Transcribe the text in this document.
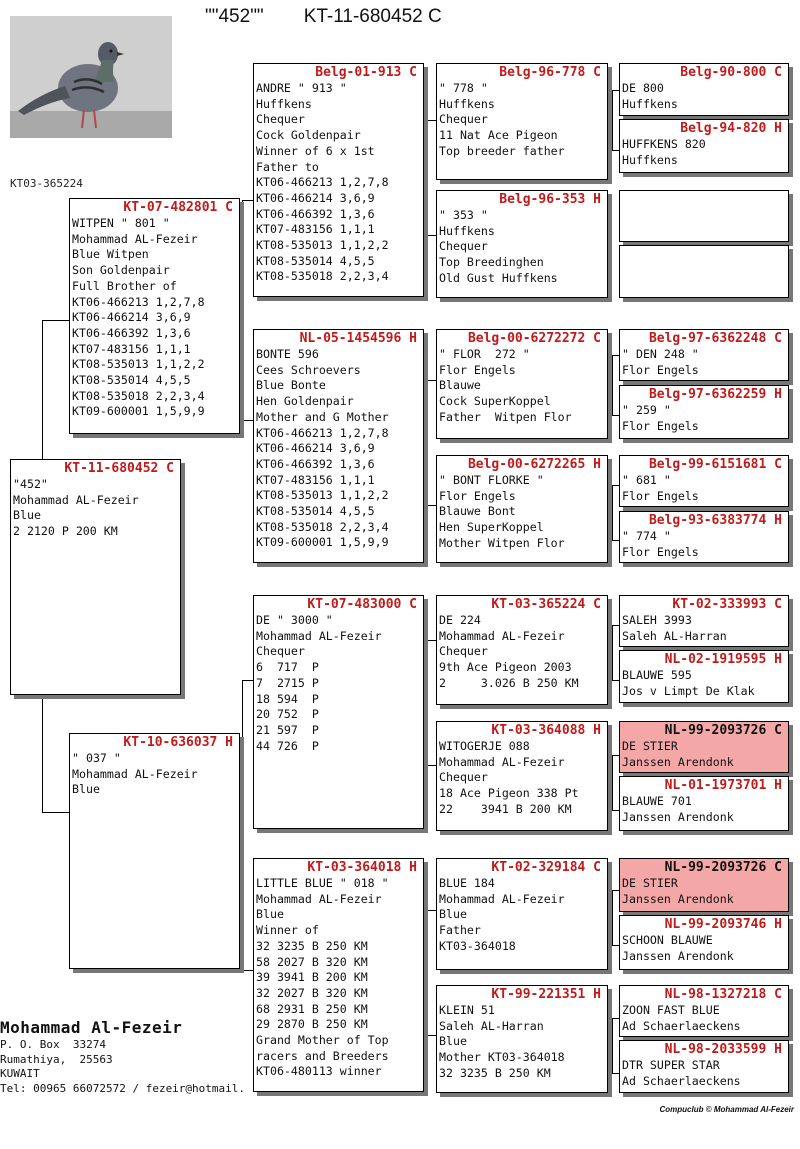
""452"" KT-11-680452 C
KT03-365224
KT-11-680452 C
"452"
Mohammad AL-Fezeir
Blue
2 2120 P 200 KM
KT-07-482801 C
WITPEN " 801 "
Mohammad AL-Fezeir
Blue Witpen
Son Goldenpair
Full Brother of
KT06-466213 1,2,7,8
KT06-466214 3,6,9
KT06-466392 1,3,6
KT07-483156 1,1,1
KT08-535013 1,1,2,2
KT08-535014 4,5,5
KT08-535018 2,2,3,4
KT09-600001 1,5,9,9
KT-10-636037 H
" 037 "
Mohammad AL-Fezeir
Blue
Belg-01-913 C
ANDRE " 913 "
Huffkens
Chequer
Cock Goldenpair
Winner of 6 x 1st
Father to
KT06-466213 1,2,7,8
KT06-466214 3,6,9
KT06-466392 1,3,6
KT07-483156 1,1,1
KT08-535013 1,1,2,2
KT08-535014 4,5,5
KT08-535018 2,2,3,4
NL-05-1454596 H
BONTE 596
Cees Schroevers
Blue Bonte
Hen Goldenpair
Mother and G Mother
KT06-466213 1,2,7,8
KT06-466214 3,6,9
KT06-466392 1,3,6
KT07-483156 1,1,1
KT08-535013 1,1,2,2
KT08-535014 4,5,5
KT08-535018 2,2,3,4
KT09-600001 1,5,9,9
KT-07-483000 C
DE " 3000 "
Mohammad AL-Fezeir
Chequer
6  717  P
7  2715 P
18 594  P
20 752  P
21 597  P
44 726  P
KT-03-364018 H
LITTLE BLUE " 018 "
Mohammad AL-Fezeir
Blue
Winner of
32 3235 B 250 KM
58 2027 B 320 KM
39 3941 B 200 KM
32 2027 B 320 KM
68 2931 B 250 KM
29 2870 B 250 KM
Grand Mother of Top
racers and Breeders
KT06-480113 winner
Belg-96-778 C
" 778 "
Huffkens
Chequer
11 Nat Ace Pigeon
Top breeder father
Belg-96-353 H
" 353 "
Huffkens
Chequer
Top Breedinghen
Old Gust Huffkens
Belg-00-6272272 C
" FLOR  272 "
Flor Engels
Blauwe
Cock SuperKoppel
Father  Witpen Flor
Belg-00-6272265 H
" BONT FLORKE "
Flor Engels
Blauwe Bont
Hen SuperKoppel
Mother Witpen Flor
KT-03-365224 C
DE 224
Mohammad AL-Fezeir
Chequer
9th Ace Pigeon 2003
2     3.026 B 250 KM
KT-03-364088 H
WITOGERJE 088
Mohammad AL-Fezeir
Chequer
18 Ace Pigeon 338 Pt
22    3941 B 200 KM
KT-02-329184 C
BLUE 184
Mohammad AL-Fezeir
Blue
Father
KT03-364018
KT-99-221351 H
KLEIN 51
Saleh AL-Harran
Blue
Mother KT03-364018
32 3235 B 250 KM
Belg-90-800 C
DE 800
Huffkens
Belg-94-820 H
HUFFKENS 820
Huffkens
Belg-97-6362248 C
" DEN 248 "
Flor Engels
Belg-97-6362259 H
" 259 "
Flor Engels
Belg-99-6151681 C
" 681 "
Flor Engels
Belg-93-6383774 H
" 774 "
Flor Engels
KT-02-333993 C
SALEH 3993
Saleh AL-Harran
NL-02-1919595 H
BLAUWE 595
Jos v Limpt De Klak
NL-99-2093726 C
DE STIER
Janssen Arendonk
NL-01-1973701 H
BLAUWE 701
Janssen Arendonk
NL-99-2093726 C
DE STIER
Janssen Arendonk
NL-99-2093746 H
SCHOON BLAUWE
Janssen Arendonk
NL-98-1327218 C
ZOON FAST BLUE
Ad Schaerlaeckens
NL-98-2033599 H
DTR SUPER STAR
Ad Schaerlaeckens
Mohammad Al-Fezeir
P. O. Box  33274
Rumathiya,  25563
KUWAIT
Tel: 00965 66072572 / fezeir@hotmail.
Compuclub © Mohammad Al-Fezeir
